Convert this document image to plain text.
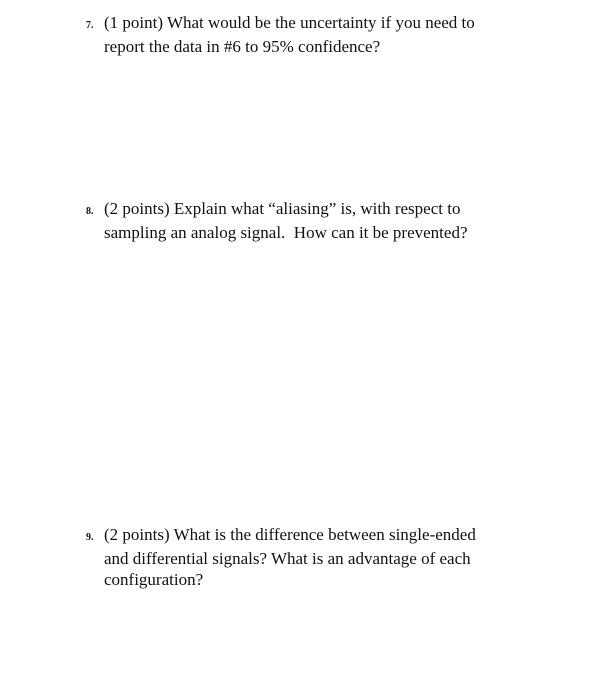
7. (1 point) What would be the uncertainty if you need to
report the data in #6 to 95% confidence?
8. (2 points) Explain what “aliasing” is, with respect to
sampling an analog signal.  How can it be prevented?
9. (2 points) What is the difference between single-ended
and differential signals? What is an advantage of each
configuration?
